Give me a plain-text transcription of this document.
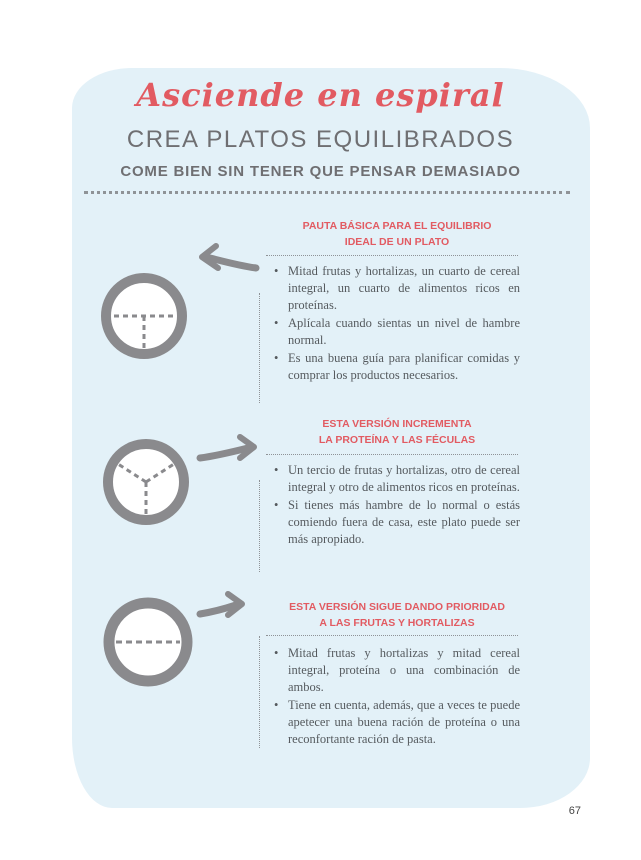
Asciende en espiral
CREA PLATOS EQUILIBRADOS
COME BIEN SIN TENER QUE PENSAR DEMASIADO
PAUTA BÁSICA PARA EL EQUILIBRIO
IDEAL DE UN PLATO
• Mitad frutas y hortalizas, un cuarto de cereal integral, un cuarto de alimentos ricos en proteínas.
• Aplícala cuando sientas un nivel de hambre normal.
• Es una buena guía para planificar comidas y comprar los productos necesarios.
ESTA VERSIÓN INCREMENTA
LA PROTEÍNA Y LAS FÉCULAS
• Un tercio de frutas y hortalizas, otro de cereal integral y otro de alimentos ricos en proteínas.
• Si tienes más hambre de lo normal o estás comiendo fuera de casa, este plato puede ser más apropiado.
ESTA VERSIÓN SIGUE DANDO PRIORIDAD
A LAS FRUTAS Y HORTALIZAS
• Mitad frutas y hortalizas y mitad cereal integral, proteína o una combinación de ambos.
• Tiene en cuenta, además, que a veces te puede apetecer una buena ración de proteína o una reconfortante ración de pasta.
67
